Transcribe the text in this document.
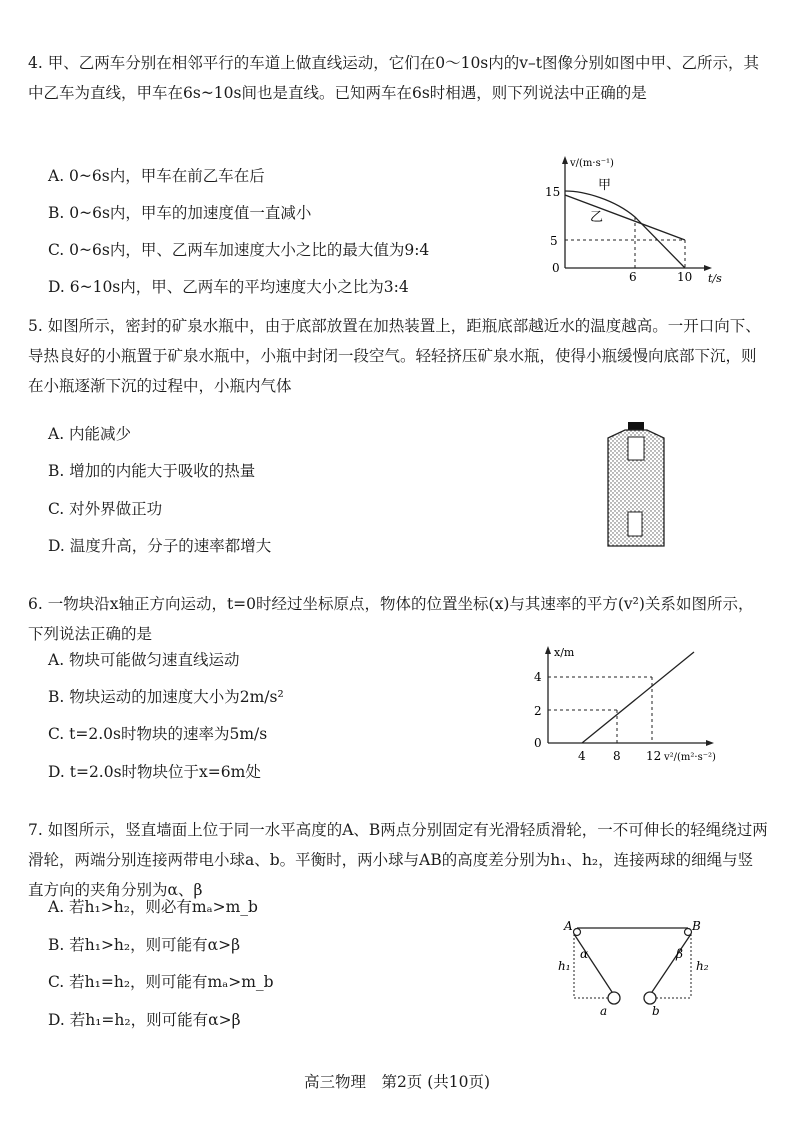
4. 甲、乙两车分别在相邻平行的车道上做直线运动，它们在0～10s内的v–t图像分别如图中甲、乙所示，其中乙车为直线，甲车在6s~10s间也是直线。已知两车在6s时相遇，则下列说法中正确的是

A. 0~6s内，甲车在前乙车在后
B. 0~6s内，甲车的加速度值一直减小
C. 0~6s内，甲、乙两车加速度大小之比的最大值为9:4
D. 6~10s内，甲、乙两车的平均速度大小之比为3:4
v/(m·s⁻¹)
t/s
0
15
5
6	10
甲
乙

5. 如图所示，密封的矿泉水瓶中，由于底部放置在加热装置上，距瓶底部越近水的温度越高。一开口向下、导热良好的小瓶置于矿泉水瓶中，小瓶中封闭一段空气。轻轻挤压矿泉水瓶，使得小瓶缓慢向底部下沉，则在小瓶逐渐下沉的过程中，小瓶内气体

A. 内能减少
B. 增加的内能大于吸收的热量
C. 对外界做正功
D. 温度升高，分子的速率都增大

6. 一物块沿x轴正方向运动，t=0时经过坐标原点，物体的位置坐标(x)与其速率的平方(v²)关系如图所示，下列说法正确的是

A. 物块可能做匀速直线运动
B. 物块运动的加速度大小为2m/s²
C. t=2.0s时物块的速率为5m/s
D. t=2.0s时物块位于x=6m处
x/m
v²/(m²·s⁻²)
0
4
2
4 8 12

7. 如图所示，竖直墙面上位于同一水平高度的A、B两点分别固定有光滑轻质滑轮，一不可伸长的轻绳绕过两滑轮，两端分别连接两带电小球a、b。平衡时，两小球与AB的高度差分别为h₁、h₂，连接两球的细绳与竖直方向的夹角分别为α、β

A. 若h₁>h₂，则必有mₐ>m_b
B. 若h₁>h₂，则可能有α>β
C. 若h₁=h₂，则可能有mₐ>m_b
D. 若h₁=h₂，则可能有α>β
A	B
h₁	h₂
α	β
a	b
高三物理　第2页 (共10页)
